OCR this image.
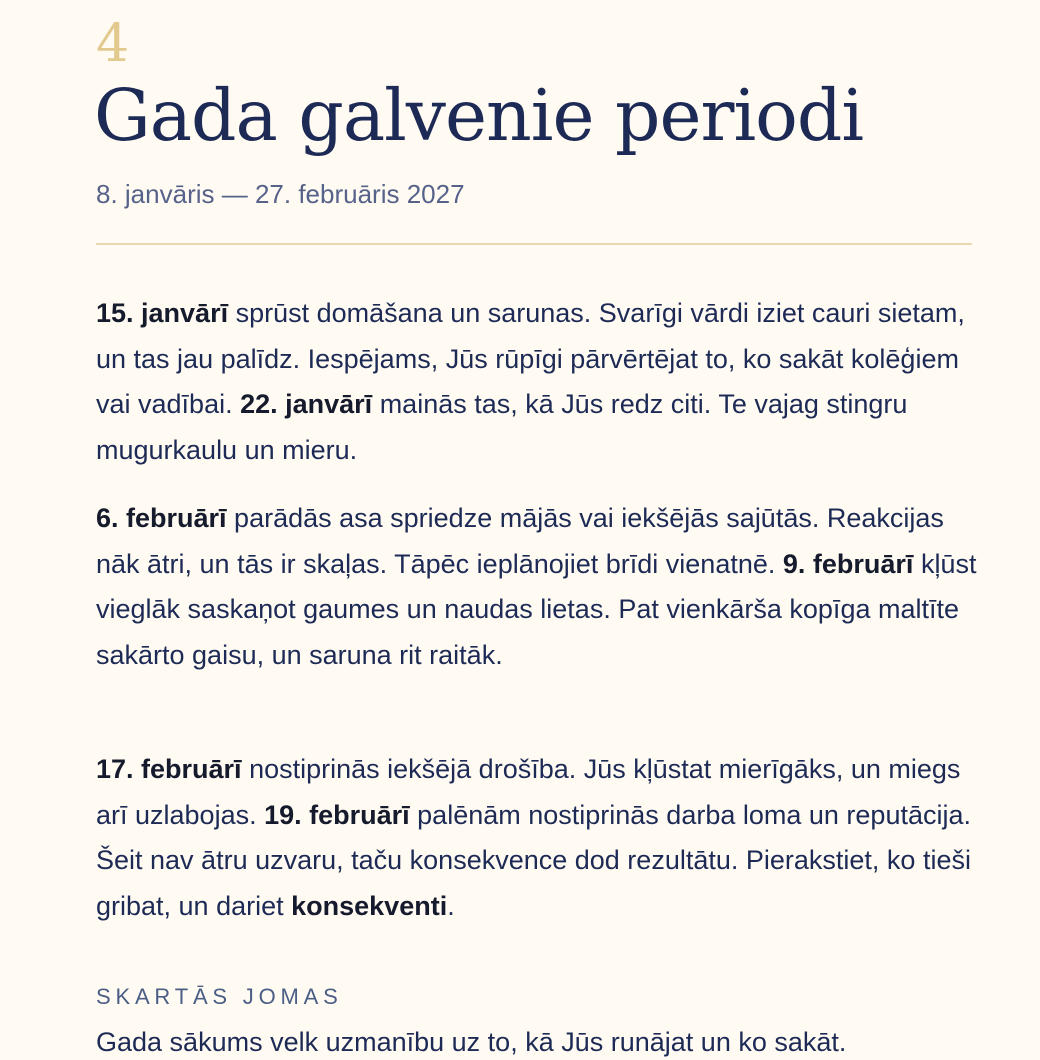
4
Gada galvenie periodi
8. janvāris — 27. februāris 2027

15. janvārī sprūst domāšana un sarunas. Svarīgi vārdi iziet cauri sietam, un tas jau palīdz. Iespējams, Jūs rūpīgi pārvērtējat to, ko sakāt kolēģiem vai vadībai. 22. janvārī mainās tas, kā Jūs redz citi. Te vajag stingru mugurkaulu un mieru.

6. februārī parādās asa spriedze mājās vai iekšējās sajūtās. Reakcijas nāk ātri, un tās ir skaļas. Tāpēc ieplānojiet brīdi vienatnē. 9. februārī kļūst vieglāk saskaņot gaumes un naudas lietas. Pat vienkārša kopīga maltīte sakārto gaisu, un saruna rit raitāk.

17. februārī nostiprinās iekšējā drošība. Jūs kļūstat mierīgāks, un miegs arī uzlabojas. 19. februārī palēnām nostiprinās darba loma un reputācija. Šeit nav ātru uzvaru, taču konsekvence dod rezultātu. Pierakstiet, ko tieši gribat, un dariet konsekventi.

SKARTĀS JOMAS

Gada sākums velk uzmanību uz to, kā Jūs runājat un ko sakāt.
